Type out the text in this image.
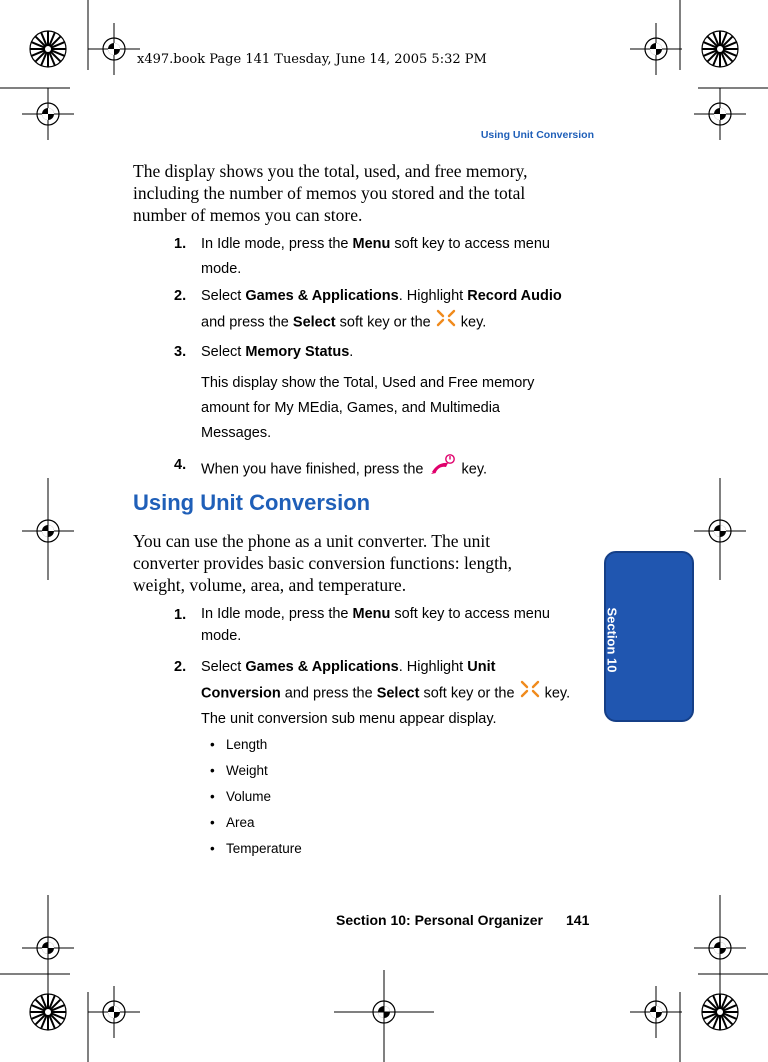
x497.book Page 141 Tuesday, June 14, 2005 5:32 PM
Using Unit Conversion
The display shows you the total, used, and free memory,
including the number of memos you stored and the total
number of memos you can store.
1. In Idle mode, press the Menu soft key to access menu
mode.
2. Select Games & Applications. Highlight Record Audio
and press the Select soft key or the  key.
3. Select Memory Status.
This display show the Total, Used and Free memory
amount for My MEdia, Games, and Multimedia
Messages.
4. When you have finished, press the  key.
Using Unit Conversion
You can use the phone as a unit converter. The unit
converter provides basic conversion functions: length,
weight, volume, area, and temperature.
1. In Idle mode, press the Menu soft key to access menu
mode.
2. Select Games & Applications. Highlight Unit
Conversion and press the Select soft key or the  key.
The unit conversion sub menu appear display.
•   Length
•   Weight
•   Volume
•   Area
•   Temperature
Section 10
Section 10: Personal Organizer 141
